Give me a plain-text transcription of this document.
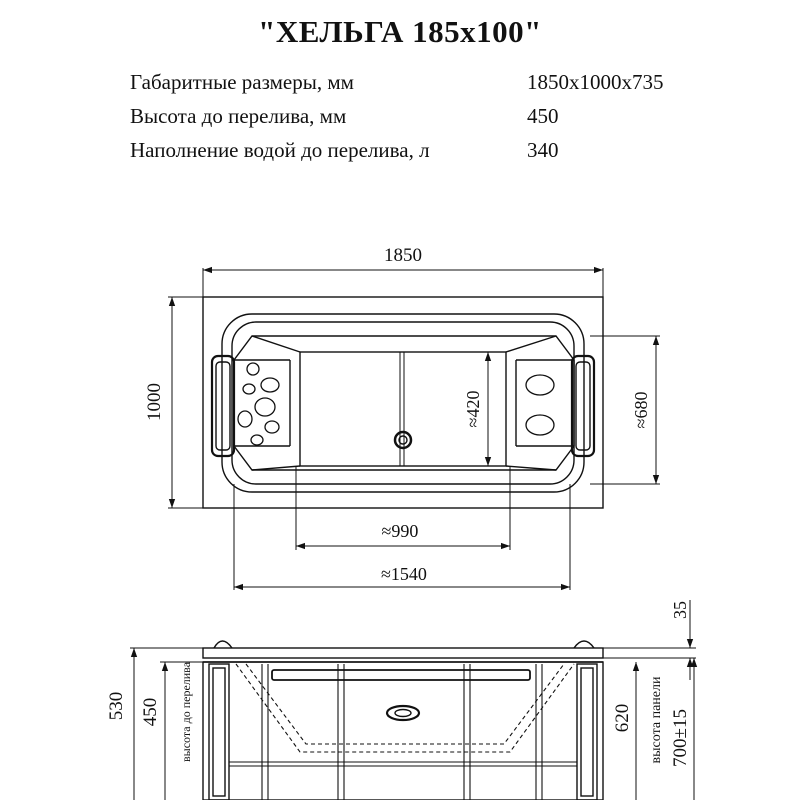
"ХЕЛЬГА 185x100"
Габаритные размеры, мм	1850x1000x735
Высота до перелива, мм	450
Наполнение водой до перелива, л	340
1850
1000	≈420	≈680
≈990
≈1540
35
530 450 высота до перелива	620 высота панели 700±15
